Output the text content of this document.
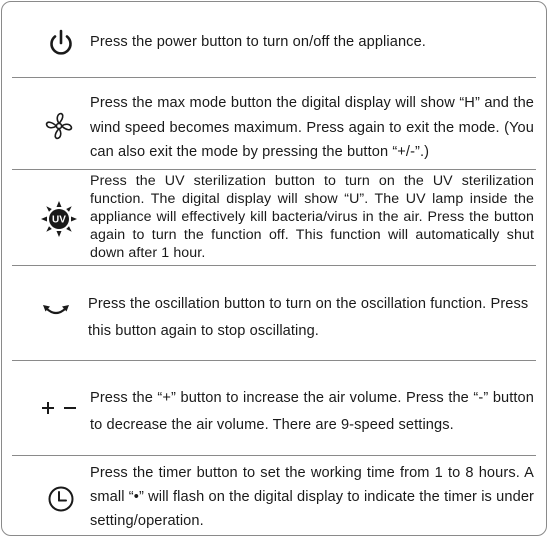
Press the power button to turn on/off the appliance.

Press the max mode button the digital display will show “H” and the wind speed becomes maximum. Press again to exit the mode. (You can also exit the mode by pressing the button “+/-”.)

UV

Press the UV sterilization button to turn on the UV sterilization function. The digital display will show “U”. The UV lamp inside the appliance will effectively kill bacteria/virus in the air. Press the button again to turn the function off. This function will automatically shut down after 1 hour.

Press the oscillation button to turn on the oscillation function. Press this button again to stop oscillating.

Press the “+” button to increase the air volume. Press the “-” button to decrease the air volume. There are 9-speed settings.

Press the timer button to set the working time from 1 to 8 hours. A small “•” will flash on the digital display to indicate the timer is under setting/operation.
